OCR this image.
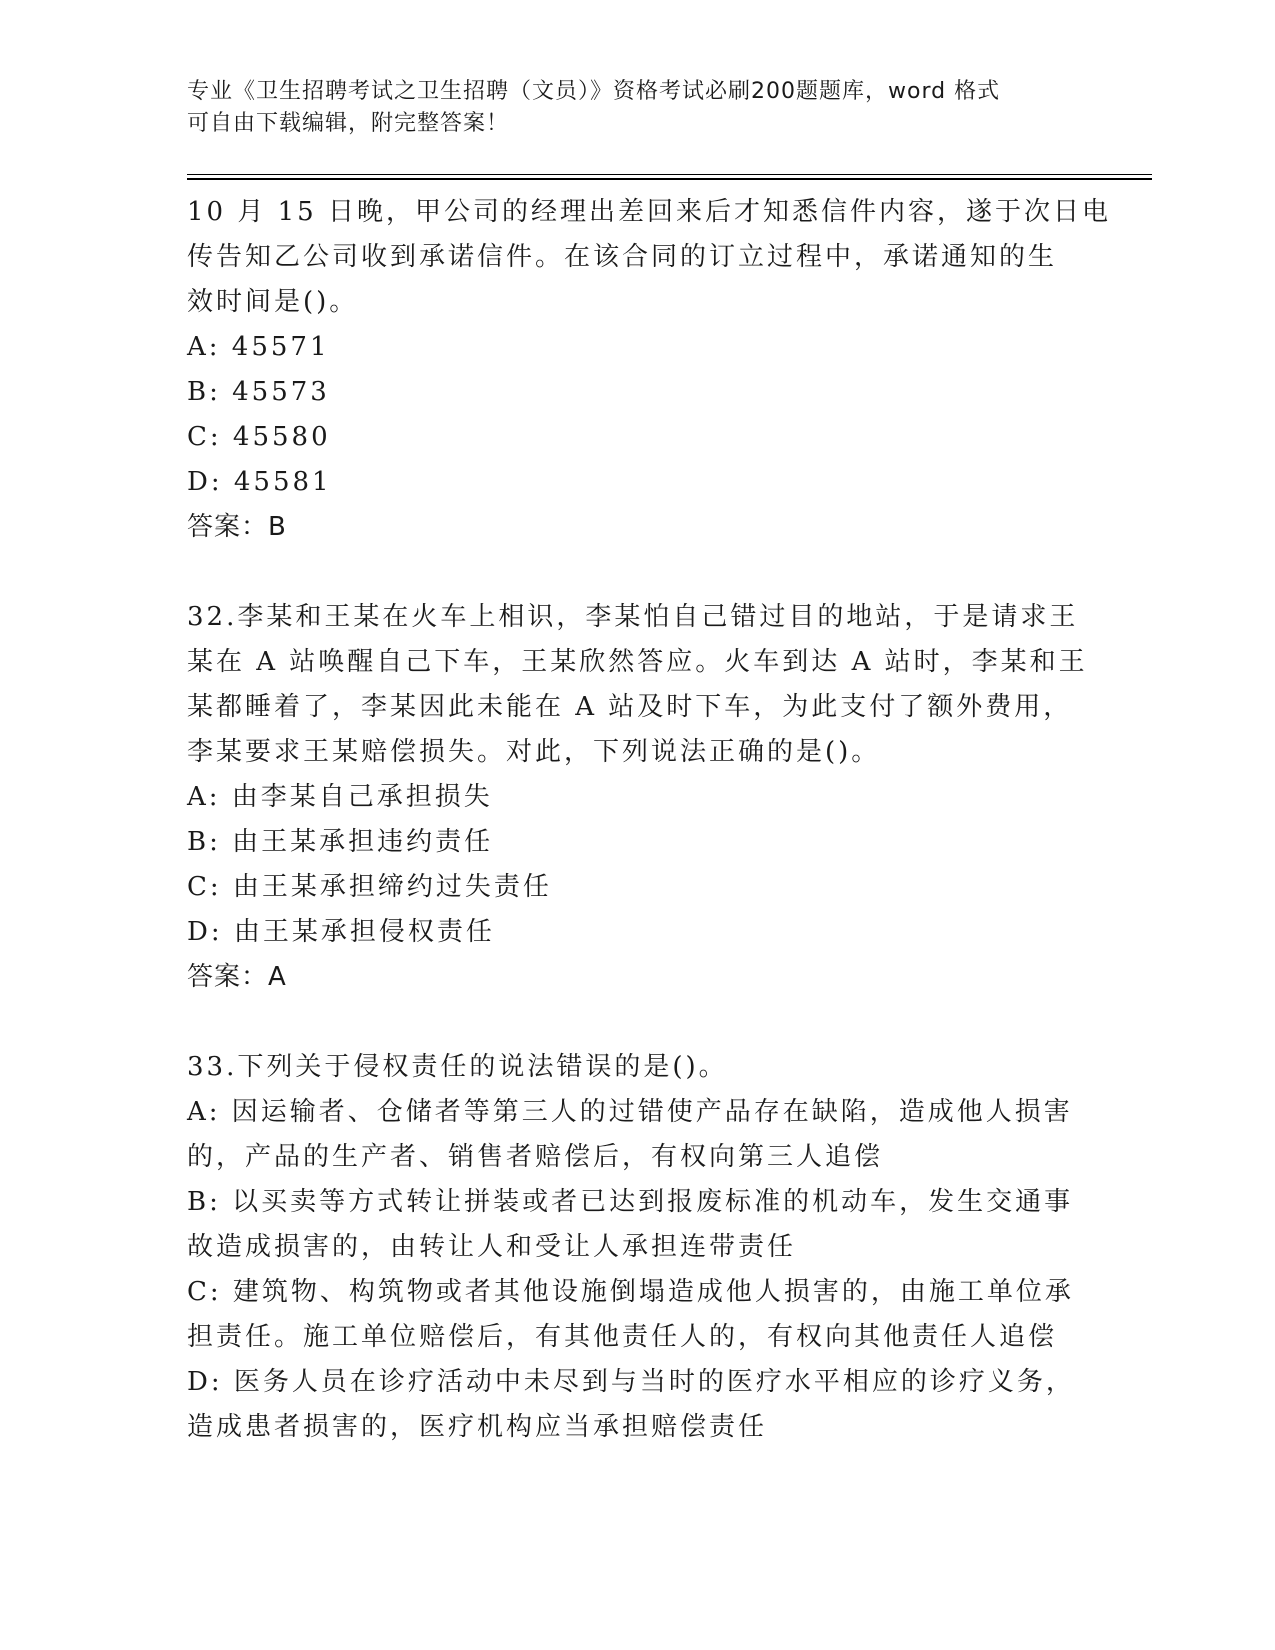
专业《卫生招聘考试之卫生招聘（文员）》资格考试必刷200题题库，word 格式
可自由下载编辑，附完整答案！
10 月 15 日晚，甲公司的经理出差回来后才知悉信件内容，遂于次日电
传告知乙公司收到承诺信件。在该合同的订立过程中，承诺通知的生
效时间是()。
A: 45571
B: 45573
C: 45580
D: 45581
答案：B
32.李某和王某在火车上相识，李某怕自己错过目的地站，于是请求王
某在 A 站唤醒自己下车，王某欣然答应。火车到达 A 站时，李某和王
某都睡着了，李某因此未能在 A 站及时下车，为此支付了额外费用，
李某要求王某赔偿损失。对此，下列说法正确的是()。
A: 由李某自己承担损失
B: 由王某承担违约责任
C: 由王某承担缔约过失责任
D: 由王某承担侵权责任
答案：A
33.下列关于侵权责任的说法错误的是()。
A: 因运输者、仓储者等第三人的过错使产品存在缺陷，造成他人损害
的，产品的生产者、销售者赔偿后，有权向第三人追偿
B: 以买卖等方式转让拼装或者已达到报废标准的机动车，发生交通事
故造成损害的，由转让人和受让人承担连带责任
C: 建筑物、构筑物或者其他设施倒塌造成他人损害的，由施工单位承
担责任。施工单位赔偿后，有其他责任人的，有权向其他责任人追偿
D: 医务人员在诊疗活动中未尽到与当时的医疗水平相应的诊疗义务，
造成患者损害的，医疗机构应当承担赔偿责任
